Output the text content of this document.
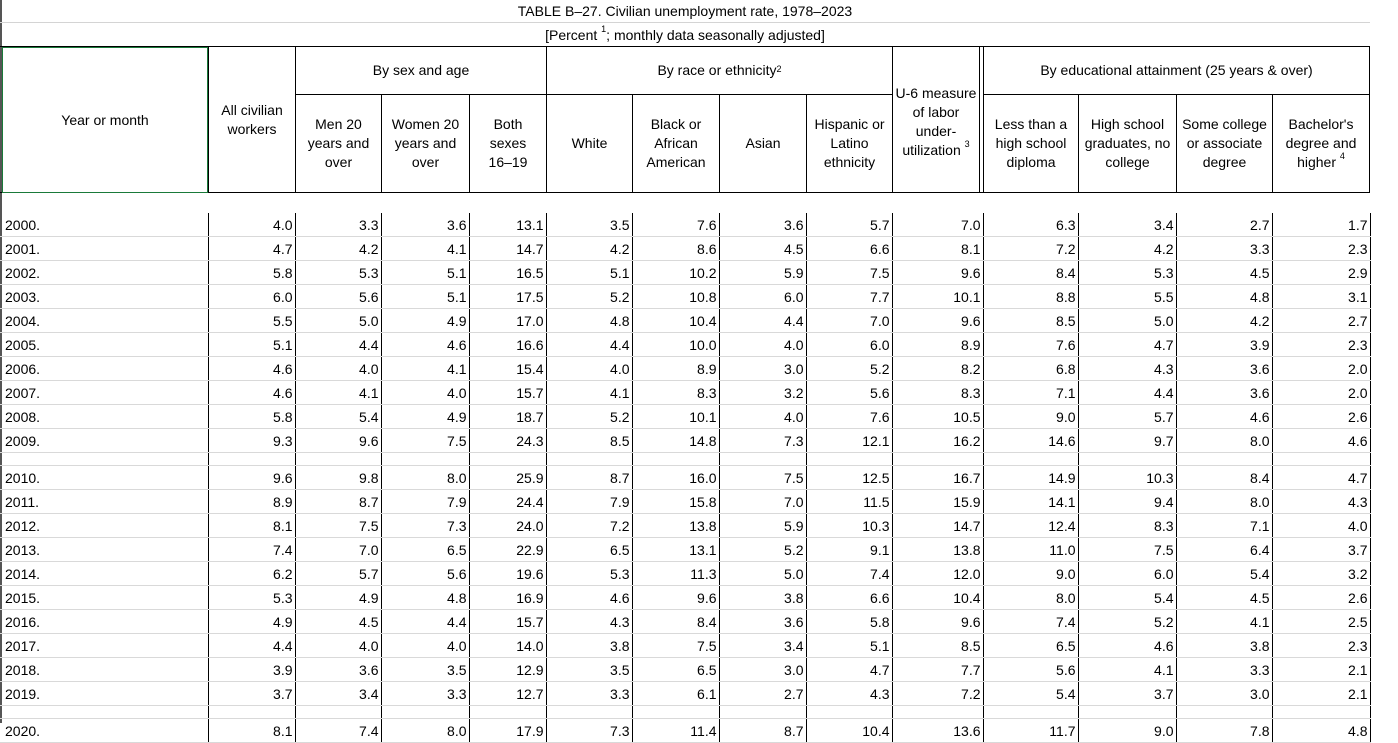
TABLE B–27. Civilian unemployment rate, 1978–2023
[Percent $^1$; monthly data seasonally adjusted]
Year or month
All civilian workers
By sex and age	By race or ethnicity $^2$	By educational attainment (25 years & over)
Men 20 years and over
Women 20 years and over
Both sexes 16–19
White
Black or African American
Asian
Hispanic or Latino ethnicity
U-6 measure of labor under-utilization $^3$
Less than a high school diploma
High school graduates, no college
Some college or associate degree
Bachelor's degree and higher $^4$
2000.	4.0	3.3	3.6	13.1	3.5	7.6	3.6	5.7	7.0	6.3	3.4	2.7	1.7
2001.	4.7	4.2	4.1	14.7	4.2	8.6	4.5	6.6	8.1	7.2	4.2	3.3	2.3
2002.	5.8	5.3	5.1	16.5	5.1	10.2	5.9	7.5	9.6	8.4	5.3	4.5	2.9
2003.	6.0	5.6	5.1	17.5	5.2	10.8	6.0	7.7	10.1	8.8	5.5	4.8	3.1
2004.	5.5	5.0	4.9	17.0	4.8	10.4	4.4	7.0	9.6	8.5	5.0	4.2	2.7
2005.	5.1	4.4	4.6	16.6	4.4	10.0	4.0	6.0	8.9	7.6	4.7	3.9	2.3
2006.	4.6	4.0	4.1	15.4	4.0	8.9	3.0	5.2	8.2	6.8	4.3	3.6	2.0
2007.	4.6	4.1	4.0	15.7	4.1	8.3	3.2	5.6	8.3	7.1	4.4	3.6	2.0
2008.	5.8	5.4	4.9	18.7	5.2	10.1	4.0	7.6	10.5	9.0	5.7	4.6	2.6
2009.	9.3	9.6	7.5	24.3	8.5	14.8	7.3	12.1	16.2	14.6	9.7	8.0	4.6

2010.	9.6	9.8	8.0	25.9	8.7	16.0	7.5	12.5	16.7	14.9	10.3	8.4	4.7
2011.	8.9	8.7	7.9	24.4	7.9	15.8	7.0	11.5	15.9	14.1	9.4	8.0	4.3
2012.	8.1	7.5	7.3	24.0	7.2	13.8	5.9	10.3	14.7	12.4	8.3	7.1	4.0
2013.	7.4	7.0	6.5	22.9	6.5	13.1	5.2	9.1	13.8	11.0	7.5	6.4	3.7
2014.	6.2	5.7	5.6	19.6	5.3	11.3	5.0	7.4	12.0	9.0	6.0	5.4	3.2
2015.	5.3	4.9	4.8	16.9	4.6	9.6	3.8	6.6	10.4	8.0	5.4	4.5	2.6
2016.	4.9	4.5	4.4	15.7	4.3	8.4	3.6	5.8	9.6	7.4	5.2	4.1	2.5
2017.	4.4	4.0	4.0	14.0	3.8	7.5	3.4	5.1	8.5	6.5	4.6	3.8	2.3
2018.	3.9	3.6	3.5	12.9	3.5	6.5	3.0	4.7	7.7	5.6	4.1	3.3	2.1
2019.	3.7	3.4	3.3	12.7	3.3	6.1	2.7	4.3	7.2	5.4	3.7	3.0	2.1

2020.	8.1	7.4	8.0	17.9	7.3	11.4	8.7	10.4	13.6	11.7	9.0	7.8	4.8
